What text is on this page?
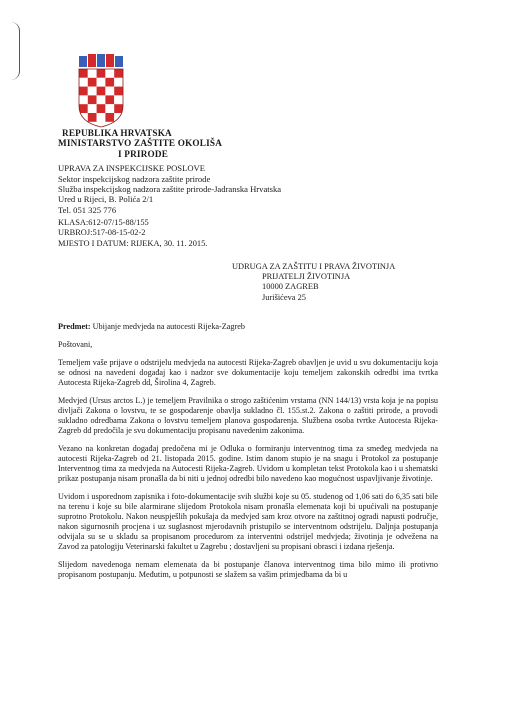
REPUBLIKA HRVATSKA
MINISTARSTVO ZAŠTITE OKOLIŠA
I PRIRODE
UPRAVA ZA INSPEKCIJSKE POSLOVE
Sektor inspekcijskog nadzora zaštite prirode
Služba inspekcijskog nadzora zaštite prirode-Jadranska Hrvatska
Ured u Rijeci, B. Polića 2/1
Tel. 051 325 776
KLASA:612-07/15-88/155
URBROJ:517-08-15-02-2
MJESTO I DATUM: RIJEKA, 30. 11. 2015.
UDRUGA ZA ZAŠTITU I PRAVA ŽIVOTINJA
PRIJATELJI ŽIVOTINJA
10000 ZAGREB
Jurišićeva 25

Predmet: Ubijanje medvjeda na autocesti Rijeka-Zagreb

Poštovani,

Temeljem vaše prijave o odstrijelu medvjeda na autocesti Rijeka-Zagreb obavljen je uvid u svu dokumentaciju koja se odnosi na navedeni događaj kao i nadzor sve dokumentacije koju temeljem zakonskih odredbi ima tvrtka Autocesta Rijeka-Zagreb dd, Širolina 4, Zagreb.

Medvjed (Ursus arctos L.) je temeljem Pravilnika o strogo zaštićenim vrstama (NN 144/13) vrsta koja je na popisu divljači Zakona o lovstvu, te se gospodarenje obavlja sukladno čl. 155.st.2. Zakona o zaštiti prirode, a provodi sukladno odredbama Zakona o lovstvu temeljem planova gospodarenja. Službena osoba tvrtke Autocesta Rijeka-Zagreb dd predočila je svu dokumentaciju propisanu navedenim zakonima.

Vezano na konkretan događaj predočena mi je Odluka o formiranju interventnog tima za smeđeg medvjeda na autocesti Rijeka-Zagreb od 21. listopada 2015. godine. Istim danom stupio je na snagu i Protokol za postupanje Interventnog tima za medvjeda na Autocesti Rijeka-Zagreb. Uvidom u kompletan tekst Protokola kao i u shematski prikaz postupanja nisam pronašla da bi niti u jednoj odredbi bilo navedeno kao mogućnost uspavljivanje životinje.

Uvidom i usporednom zapisnika i foto-dokumentacije svih službi koje su 05. studenog od 1,06 sati do 6,35 sati bile na terenu i koje su bile alarmirane slijedom Protokola nisam pronašla elemenata koji bi upućivali na postupanje suprotno Protokolu. Nakon neuspješlih pokušaja da medvjed sam kroz otvore na zaštitnoj ogradi napusti područje, nakon sigurnosnih procjena i uz suglasnost mjerodavnih pristupilo se interventnom odstrijelu. Daljnja postupanja odvijala su se u skladu sa propisanom procedurom za interventni odstrijel medvjeda; životinja je odvežena na Zavod za patologiju Veterinarski fakultet u Zagrebu ; dostavljeni su propisani obrasci i izdana rješenja.

Slijedom navedenoga nemam elemenata da bi postupanje članova interventnog tima bilo mimo ili protivno propisanom postupanju. Međutim, u potpunosti se slažem sa vašim primjedbama da bi u
